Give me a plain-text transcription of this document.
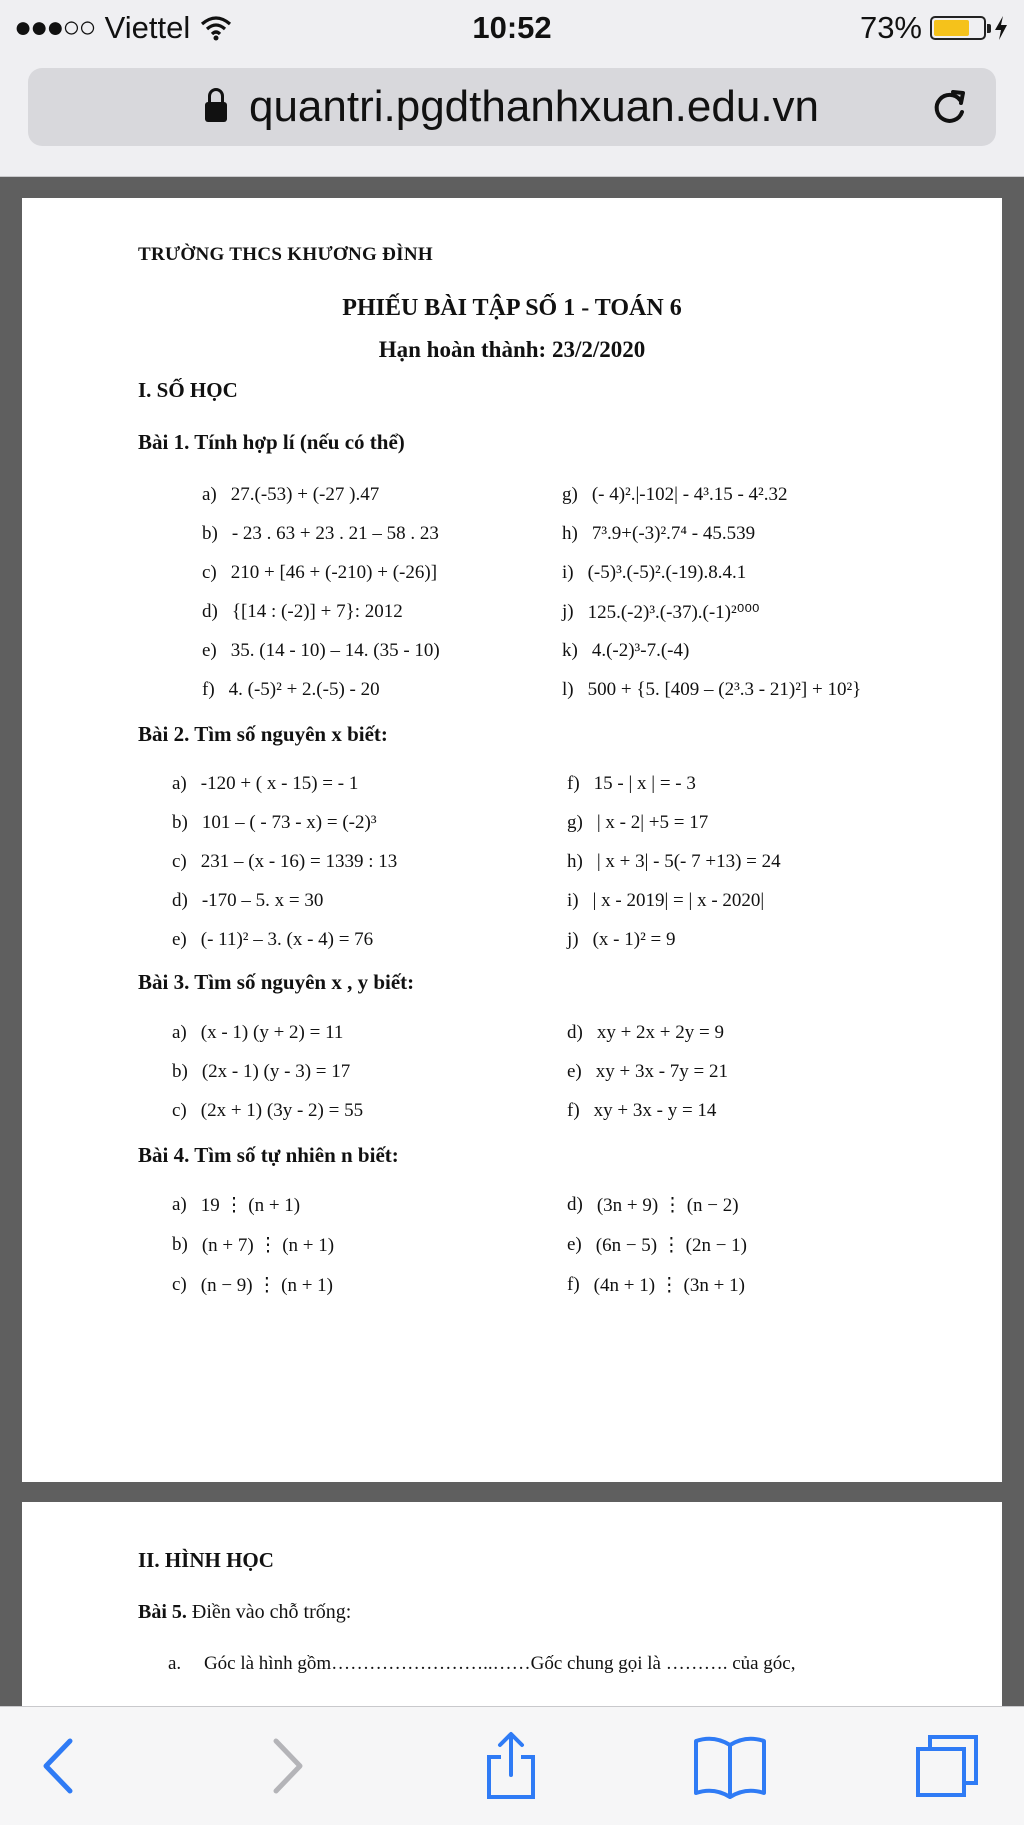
●●●○○ Viettel	10:52	73%
quantri.pgdthanhxuan.edu.vn
TRƯỜNG THCS KHƯƠNG ĐÌNH
PHIẾU BÀI TẬP SỐ 1 - TOÁN 6
Hạn hoàn thành: 23/2/2020
I. SỐ HỌC
Bài 1. Tính hợp lí (nếu có thể)
a) 27.(-53) + (-27 ).47
b) - 23 . 63 + 23 . 21 – 58 . 23
c) 210 + [46 + (-210) + (-26)]
d) {[14 : (-2)] + 7}: 2012
e) 35. (14 - 10) – 14. (35 - 10)
f) 4. (-5)² + 2.(-5) - 20
g) (- 4)².|-102| - 4³.15 - 4².32
h) 7³.9+(-3)².7⁴ - 45.539
i) (-5)³.(-5)².(-19).8.4.1
j) 125.(-2)³.(-37).(-1)²⁰⁰⁰
k) 4.(-2)³-7.(-4)
l) 500 + {5. [409 – (2³.3 - 21)²] + 10²}
Bài 2. Tìm số nguyên x biết:
a) -120 + ( x - 15) = - 1
b) 101 – ( - 73 - x) = (-2)³
c) 231 – (x - 16) = 1339 : 13
d) -170 – 5. x = 30
e) (- 11)² – 3. (x - 4) = 76
f) 15 - | x | = - 3
g) | x - 2| +5 = 17
h) | x + 3| - 5(- 7 +13) = 24
i) | x - 2019| = | x - 2020|
j) (x - 1)² = 9
Bài 3. Tìm số nguyên x , y biết:
a) (x - 1) (y + 2) = 11
b) (2x - 1) (y - 3) = 17
c) (2x + 1) (3y - 2) = 55
d) xy + 2x + 2y = 9
e) xy + 3x - 7y = 21
f) xy + 3x - y = 14
Bài 4. Tìm số tự nhiên n biết:
a) 19 ⋮ (n + 1)
b) (n + 7) ⋮ (n + 1)
c) (n − 9) ⋮ (n + 1)
d) (3n + 9) ⋮ (n − 2)
e) (6n − 5) ⋮ (2n − 1)
f) (4n + 1) ⋮ (3n + 1)
II. HÌNH HỌC
Bài 5. Điền vào chỗ trống:
a. Góc là hình gồm……………………..……Gốc chung gọi là ………. của góc,
